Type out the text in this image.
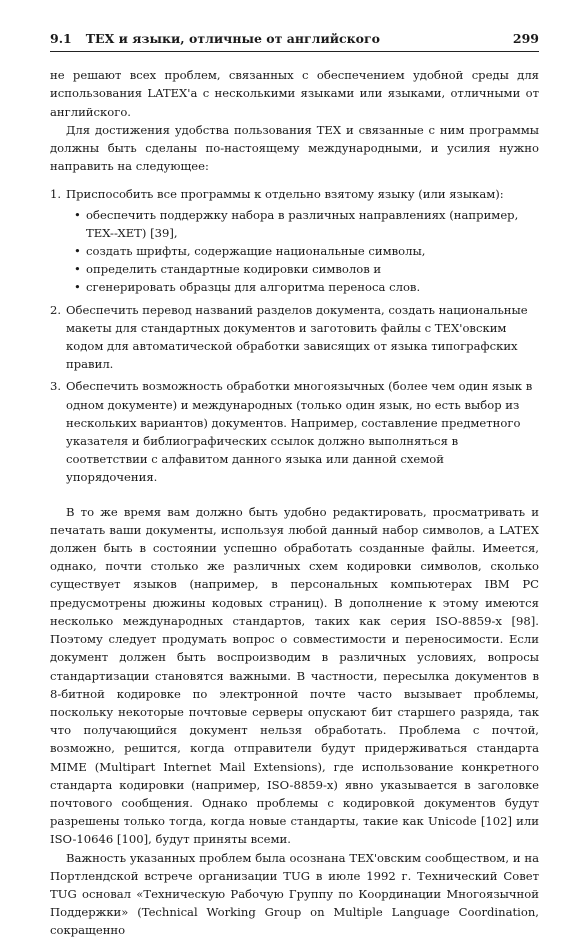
9.1 TEX и языки, отличные от английского	299

не решают всех проблем, связанных с обеспечением удобной среды для использования LATEX'а с несколькими языками или языками, отличными от английского.

Для достижения удобства пользования TEX и связанные с ним программы должны быть сделаны по-настоящему международными, и усилия нужно направить на следующее:

1. Приспособить все программы к отдельно взятому языку (или языкам):
• обеспечить поддержку набора в различных направлениях (например, TEX--XET) [39],
• создать шрифты, содержащие национальные символы,
• определить стандартные кодировки символов и
• сгенерировать образцы для алгоритма переноса слов.
2. Обеспечить перевод названий разделов документа, создать национальные макеты для стандартных документов и заготовить файлы с TEX'овским кодом для автоматической обработки зависящих от языка типографских правил.
3. Обеспечить возможность обработки многоязычных (более чем один язык в одном документе) и международных (только один язык, но есть выбор из нескольких вариантов) документов. Например, составление предметного указателя и библиографических ссылок должно выполняться в соответствии с алфавитом данного языка или данной схемой упорядочения.

В то же время вам должно быть удобно редактировать, просматривать и печатать ваши документы, используя любой данный набор символов, а LATEX должен быть в состоянии успешно обработать созданные файлы. Имеется, однако, почти столько же различных схем кодировки символов, сколько существует языков (например, в персональных компьютерах IBM PC предусмотрены дюжины кодовых страниц). В дополнение к этому имеются несколько международных стандартов, таких как серия ISO-8859-x [98]. Поэтому следует продумать вопрос о совместимости и переносимости. Если документ должен быть воспроизводим в различных условиях, вопросы стандартизации становятся важными. В частности, пересылка документов в 8-битной кодировке по электронной почте часто вызывает проблемы, поскольку некоторые почтовые серверы опускают бит старшего разряда, так что получающийся документ нельзя обработать. Проблема с почтой, возможно, решится, когда отправители будут придерживаться стандарта MIME (Multipart Internet Mail Extensions), где использование конкретного стандарта кодировки (например, ISO-8859-x) явно указывается в заголовке почтового сообщения. Однако проблемы с кодировкой документов будут разрешены только тогда, когда новые стандарты, такие как Unicode [102] или ISO-10646 [100], будут приняты всеми.

Важность указанных проблем была осознана TEX'овским сообществом, и на Портлендской встрече организации TUG в июле 1992 г. Технический Совет TUG основал «Техническую Рабочую Группу по Координации Многоязычной Поддержки» (Technical Working Group on Multiple Language Coordination, сокращенно
